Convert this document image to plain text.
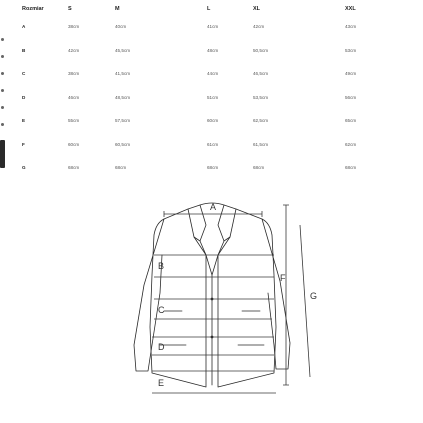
Rozmiar	S	M		L	XL		XXL
A	38cm	40cm		41cm	42cm		43cm
B	42cm	45,5cm		48cm	50,5cm		53cm
C	38cm	41,5cm		44cm	46,5cm		49cm
D	46cm	48,5cm		51cm	53,5cm		56cm
E	55cm	57,5cm		60cm	62,5cm		65cm
F	60cm	60,5cm		61cm	61,5cm		62cm
G	68cm	68cm		68cm	68cm		68cm
A
B
C
D
E
F
G
